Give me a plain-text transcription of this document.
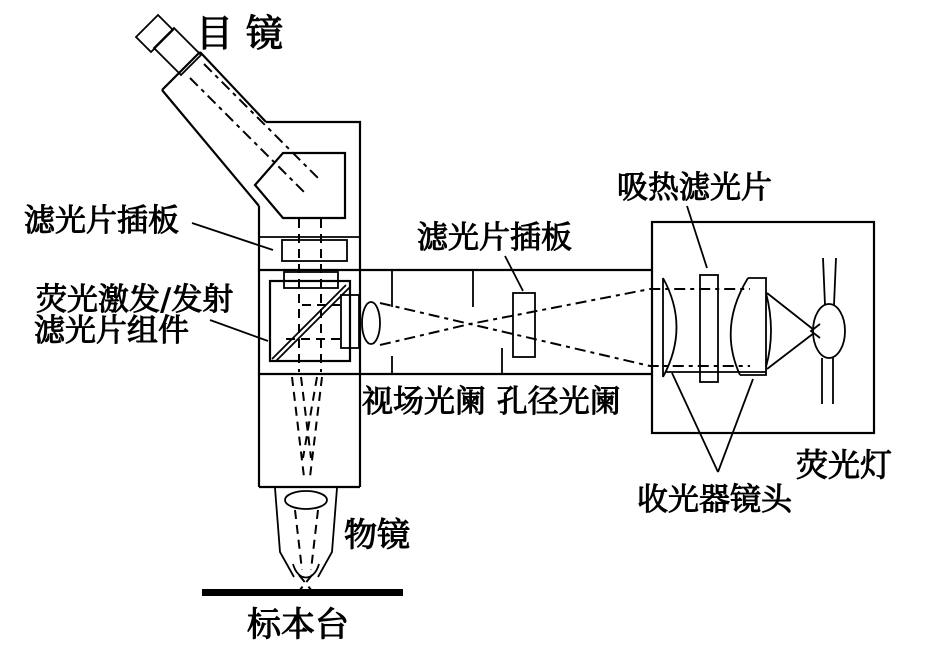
目 镜
滤光片插板
荧光激发/发射
滤光片组件
滤光片插板
吸热滤光片
视场光阑 孔径光阑
荧光灯
收光器镜头
物镜
标本台
